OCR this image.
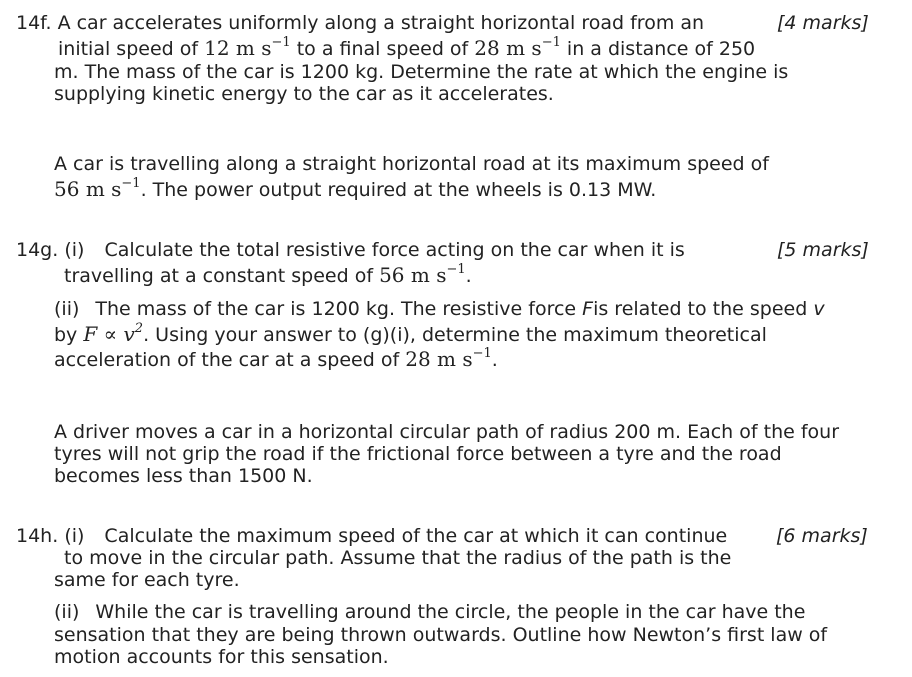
14f. A car accelerates uniformly along a straight horizontal road from an	[4 marks]
initial speed of 12 m $s^{-1}$ to a final speed of 28 m $s^{-1}$ in a distance of 250
m. The mass of the car is 1200 kg. Determine the rate at which the engine is
supplying kinetic energy to the car as it accelerates.
A car is travelling along a straight horizontal road at its maximum speed of
56 m $s^{-1}$. The power output required at the wheels is 0.13 MW.
14g. (i) Calculate the total resistive force acting on the car when it is	[5 marks]
travelling at a constant speed of 56 m $s^{-1}$.
(ii) The mass of the car is 1200 kg. The resistive force Fis related to the speed v
by $F \propto v^2$. Using your answer to (g)(i), determine the maximum theoretical
acceleration of the car at a speed of 28 m $s^{-1}$.
A driver moves a car in a horizontal circular path of radius 200 m. Each of the four
tyres will not grip the road if the frictional force between a tyre and the road
becomes less than 1500 N.
14h. (i) Calculate the maximum speed of the car at which it can continue	[6 marks]
to move in the circular path. Assume that the radius of the path is the
same for each tyre.
(ii) While the car is travelling around the circle, the people in the car have the
sensation that they are being thrown outwards. Outline how Newton’s first law of
motion accounts for this sensation.
